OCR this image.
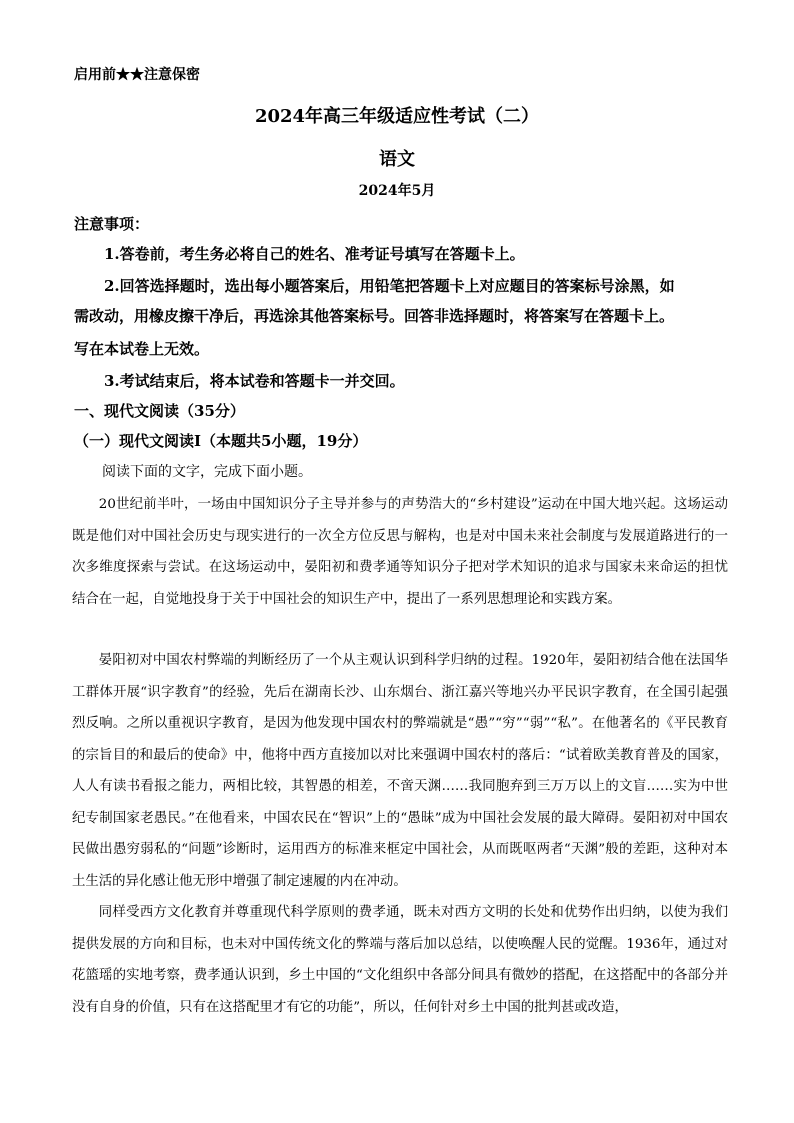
启用前★★注意保密
2024年高三年级适应性考试（二）
语文
2024年5月
注意事项：
1.答卷前，考生务必将自己的姓名、准考证号填写在答题卡上。
2.回答选择题时，选出每小题答案后，用铅笔把答题卡上对应题目的答案标号涂黑，如
需改动，用橡皮擦干净后，再选涂其他答案标号。回答非选择题时，将答案写在答题卡上。
写在本试卷上无效。
3.考试结束后，将本试卷和答题卡一并交回。
一、现代文阅读（35分）
（一）现代文阅读Ⅰ（本题共5小题，19分）
阅读下面的文字，完成下面小题。
20世纪前半叶，一场由中国知识分子主导并参与的声势浩大的“乡村建设”运动在中国大地兴起。这场运动既是他们对中国社会历史与现实进行的一次全方位反思与解构，也是对中国未来社会制度与发展道路进行的一次多维度探索与尝试。在这场运动中，晏阳初和费孝通等知识分子把对学术知识的追求与国家未来命运的担忧结合在一起，自觉地投身于关于中国社会的知识生产中，提出了一系列思想理论和实践方案。
晏阳初对中国农村弊端的判断经历了一个从主观认识到科学归纳的过程。1920年，晏阳初结合他在法国华工群体开展“识字教育”的经验，先后在湖南长沙、山东烟台、浙江嘉兴等地兴办平民识字教育，在全国引起强烈反响。之所以重视识字教育，是因为他发现中国农村的弊端就是“愚”“穷”“弱”“私”。在他著名的《平民教育的宗旨目的和最后的使命》中，他将中西方直接加以对比来强调中国农村的落后：“试着欧美教育普及的国家，人人有读书看报之能力，两相比较，其智愚的相差，不啻天渊……我同胞弃到三万万以上的文盲……实为中世纪专制国家老愚民。”在他看来，中国农民在“智识”上的“愚昧”成为中国社会发展的最大障碍。晏阳初对中国农民做出愚穷弱私的“问题”诊断时，运用西方的标准来框定中国社会，从而既呕两者“天渊”般的差距，这种对本土生活的异化感让他无形中增强了制定速履的内在冲动。
同样受西方文化教育并尊重现代科学原则的费孝通，既未对西方文明的长处和优势作出归纳，以使为我们提供发展的方向和目标，也未对中国传统文化的弊端与落后加以总结，以使唤醒人民的觉醒。1936年，通过对花篮瑶的实地考察，费孝通认识到，乡土中国的“文化组织中各部分间具有微妙的搭配，在这搭配中的各部分并没有自身的价值，只有在这搭配里才有它的功能”，所以，任何针对乡土中国的批判甚或改造，
